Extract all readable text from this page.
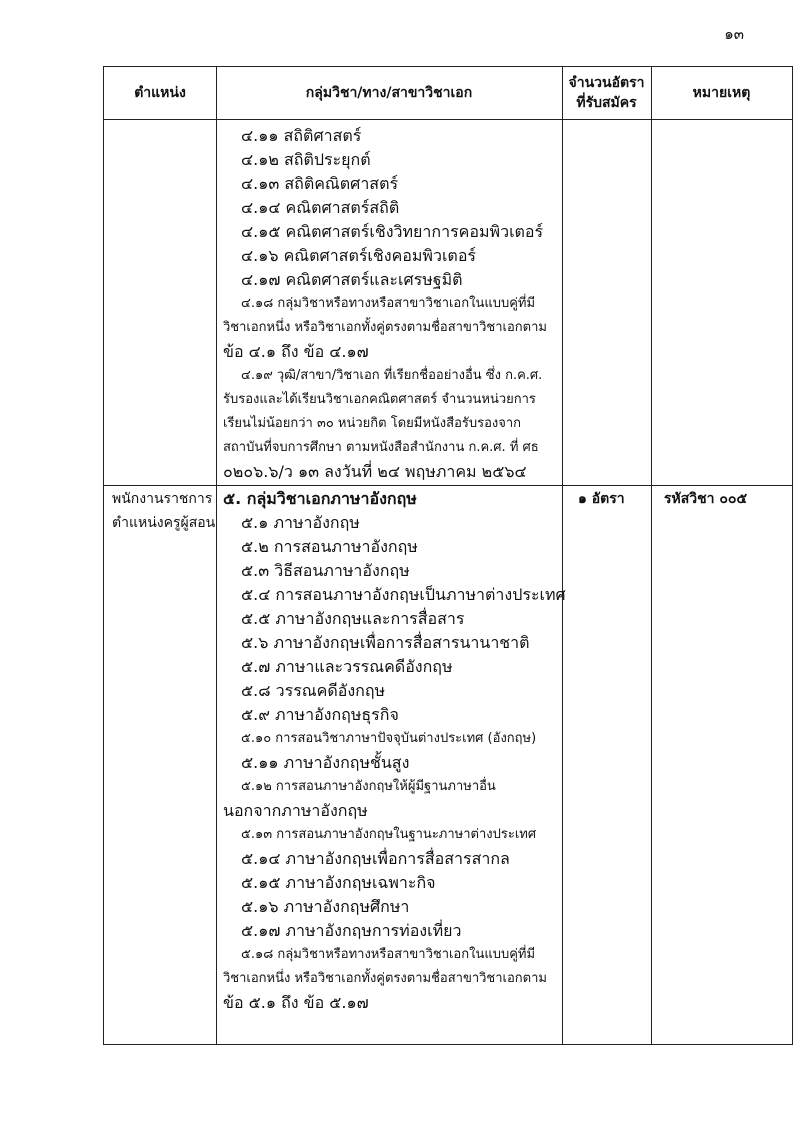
๑๓
ตำแหน่ง	กลุ่มวิชา/ทาง/สาขาวิชาเอก
จำนวนอัตรา
ที่รับสมัคร
หมายเหตุ
๔.๑๑ สถิติศาสตร์
๔.๑๒ สถิติประยุกต์
๔.๑๓ สถิติคณิตศาสตร์
๔.๑๔ คณิตศาสตร์สถิติ
๔.๑๕ คณิตศาสตร์เชิงวิทยาการคอมพิวเตอร์
๔.๑๖ คณิตศาสตร์เชิงคอมพิวเตอร์
๔.๑๗ คณิตศาสตร์และเศรษฐมิติ
๔.๑๘ กลุ่มวิชาหรือทางหรือสาขาวิชาเอกในแบบคู่ที่มี
วิชาเอกหนึ่ง หรือวิชาเอกทั้งคู่ตรงตามชื่อสาขาวิชาเอกตาม
ข้อ ๔.๑ ถึง ข้อ ๔.๑๗
๔.๑๙ วุฒิ/สาขา/วิชาเอก ที่เรียกชื่ออย่างอื่น ซึ่ง ก.ค.ศ.
รับรองและได้เรียนวิชาเอกคณิตศาสตร์ จำนวนหน่วยการ
เรียนไม่น้อยกว่า ๓๐ หน่วยกิต โดยมีหนังสือรับรองจาก
สถาบันที่จบการศึกษา ตามหนังสือสำนักงาน ก.ค.ศ. ที่ ศธ
๐๒๐๖.๖/ว ๑๓ ลงวันที่ ๒๔ พฤษภาคม ๒๕๖๔
พนักงานราชการ
ตำแหน่งครูผู้สอน
๑ อัตรา	รหัสวิชา ๐๐๕
๕. กลุ่มวิชาเอกภาษาอังกฤษ
๕.๑ ภาษาอังกฤษ
๕.๒ การสอนภาษาอังกฤษ
๕.๓ วิธีสอนภาษาอังกฤษ
๕.๔ การสอนภาษาอังกฤษเป็นภาษาต่างประเทศ
๕.๕ ภาษาอังกฤษและการสื่อสาร
๕.๖ ภาษาอังกฤษเพื่อการสื่อสารนานาชาติ
๕.๗ ภาษาและวรรณคดีอังกฤษ
๕.๘ วรรณคดีอังกฤษ
๕.๙ ภาษาอังกฤษธุรกิจ
๕.๑๐ การสอนวิชาภาษาปัจจุบันต่างประเทศ (อังกฤษ)
๕.๑๑ ภาษาอังกฤษชั้นสูง
๕.๑๒ การสอนภาษาอังกฤษให้ผู้มีฐานภาษาอื่น
นอกจากภาษาอังกฤษ
๕.๑๓ การสอนภาษาอังกฤษในฐานะภาษาต่างประเทศ
๕.๑๔ ภาษาอังกฤษเพื่อการสื่อสารสากล
๕.๑๕ ภาษาอังกฤษเฉพาะกิจ
๕.๑๖ ภาษาอังกฤษศึกษา
๕.๑๗ ภาษาอังกฤษการท่องเที่ยว
๕.๑๘ กลุ่มวิชาหรือทางหรือสาขาวิชาเอกในแบบคู่ที่มี
วิชาเอกหนึ่ง หรือวิชาเอกทั้งคู่ตรงตามชื่อสาขาวิชาเอกตาม
ข้อ ๕.๑ ถึง ข้อ ๕.๑๗
